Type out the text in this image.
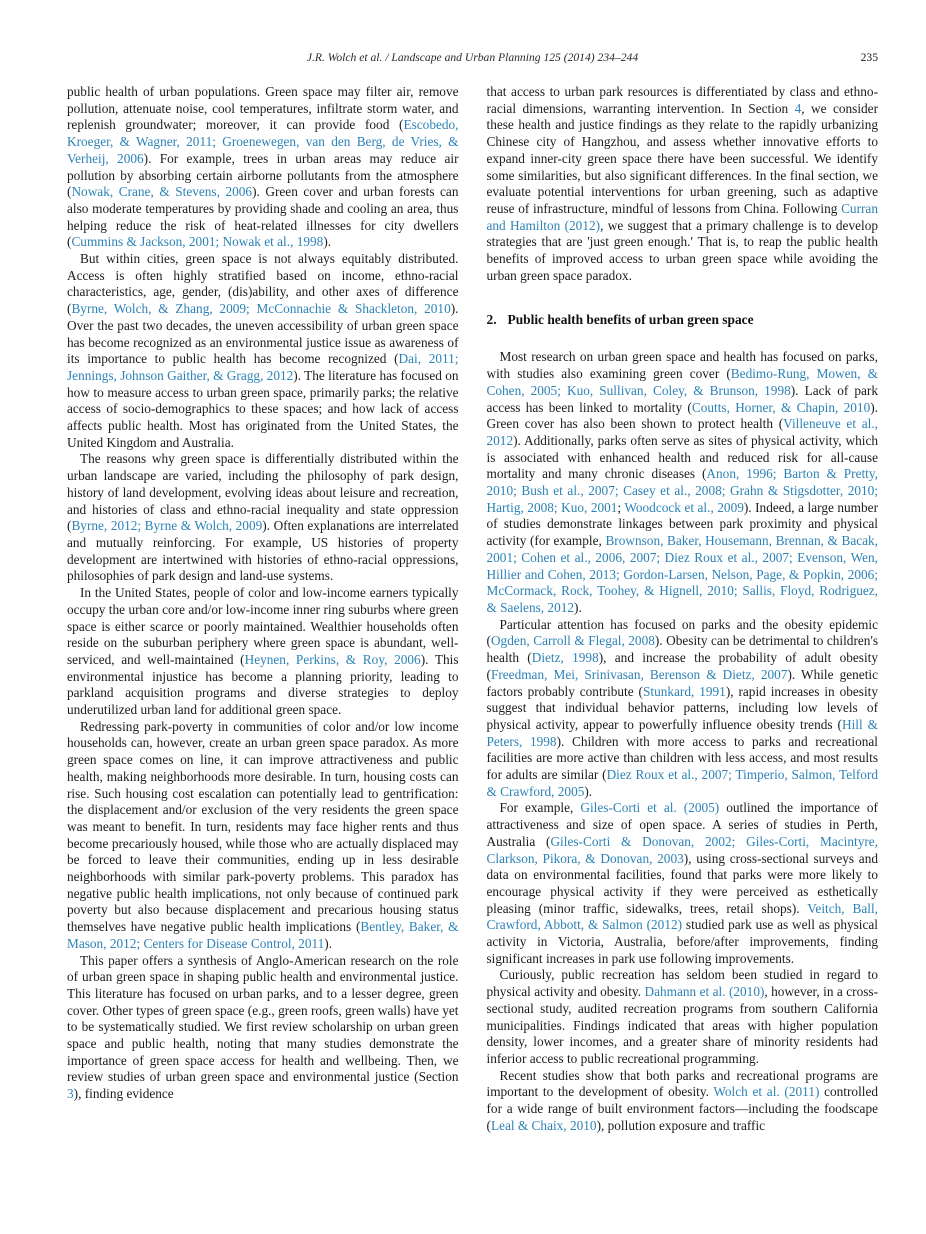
J.R. Wolch et al. / Landscape and Urban Planning 125 (2014) 234–244	235

public health of urban populations. Green space may filter air, remove pollution, attenuate noise, cool temperatures, infiltrate storm water, and replenish groundwater; moreover, it can provide food (Escobedo, Kroeger, & Wagner, 2011; Groenewegen, van den Berg, de Vries, & Verheij, 2006). For example, trees in urban areas may reduce air pollution by absorbing certain airborne pollutants from the atmosphere (Nowak, Crane, & Stevens, 2006). Green cover and urban forests can also moderate temperatures by providing shade and cooling an area, thus helping reduce the risk of heat-related illnesses for city dwellers (Cummins & Jackson, 2001; Nowak et al., 1998).

But within cities, green space is not always equitably distributed. Access is often highly stratified based on income, ethno-racial characteristics, age, gender, (dis)ability, and other axes of difference (Byrne, Wolch, & Zhang, 2009; McConnachie & Shackleton, 2010). Over the past two decades, the uneven accessibility of urban green space has become recognized as an environmental justice issue as awareness of its importance to public health has become recognized (Dai, 2011; Jennings, Johnson Gaither, & Gragg, 2012). The literature has focused on how to measure access to urban green space, primarily parks; the relative access of socio-demographics to these spaces; and how lack of access affects public health. Most has originated from the United States, the United Kingdom and Australia.

The reasons why green space is differentially distributed within the urban landscape are varied, including the philosophy of park design, history of land development, evolving ideas about leisure and recreation, and histories of class and ethno-racial inequality and state oppression (Byrne, 2012; Byrne & Wolch, 2009). Often explanations are interrelated and mutually reinforcing. For example, US histories of property development are intertwined with histories of ethno-racial oppressions, philosophies of park design and land-use systems.

In the United States, people of color and low-income earners typically occupy the urban core and/or low-income inner ring suburbs where green space is either scarce or poorly maintained. Wealthier households often reside on the suburban periphery where green space is abundant, well-serviced, and well-maintained (Heynen, Perkins, & Roy, 2006). This environmental injustice has become a planning priority, leading to parkland acquisition programs and diverse strategies to deploy underutilized urban land for additional green space.

Redressing park-poverty in communities of color and/or low income households can, however, create an urban green space paradox. As more green space comes on line, it can improve attractiveness and public health, making neighborhoods more desirable. In turn, housing costs can rise. Such housing cost escalation can potentially lead to gentrification: the displacement and/or exclusion of the very residents the green space was meant to benefit. In turn, residents may face higher rents and thus become precariously housed, while those who are actually displaced may be forced to leave their communities, ending up in less desirable neighborhoods with similar park-poverty problems. This paradox has negative public health implications, not only because of continued park poverty but also because displacement and precarious housing status themselves have negative public health implications (Bentley, Baker, & Mason, 2012; Centers for Disease Control, 2011).

This paper offers a synthesis of Anglo-American research on the role of urban green space in shaping public health and environmental justice. This literature has focused on urban parks, and to a lesser degree, green cover. Other types of green space (e.g., green roofs, green walls) have yet to be systematically studied. We first review scholarship on urban green space and public health, noting that many studies demonstrate the importance of green space access for health and wellbeing. Then, we review studies of urban green space and environmental justice (Section 3), finding evidence

that access to urban park resources is differentiated by class and ethno-racial dimensions, warranting intervention. In Section 4, we consider these health and justice findings as they relate to the rapidly urbanizing Chinese city of Hangzhou, and assess whether innovative efforts to expand inner-city green space there have been successful. We identify some similarities, but also significant differences. In the final section, we evaluate potential interventions for urban greening, such as adaptive reuse of infrastructure, mindful of lessons from China. Following Curran and Hamilton (2012), we suggest that a primary challenge is to develop strategies that are 'just green enough.' That is, to reap the public health benefits of improved access to urban green space while avoiding the urban green space paradox.

2. Public health benefits of urban green space

Most research on urban green space and health has focused on parks, with studies also examining green cover (Bedimo-Rung, Mowen, & Cohen, 2005; Kuo, Sullivan, Coley, & Brunson, 1998). Lack of park access has been linked to mortality (Coutts, Horner, & Chapin, 2010). Green cover has also been shown to protect health (Villeneuve et al., 2012). Additionally, parks often serve as sites of physical activity, which is associated with enhanced health and reduced risk for all-cause mortality and many chronic diseases (Anon, 1996; Barton & Pretty, 2010; Bush et al., 2007; Casey et al., 2008; Grahn & Stigsdotter, 2010; Hartig, 2008; Kuo, 2001; Woodcock et al., 2009). Indeed, a large number of studies demonstrate linkages between park proximity and physical activity (for example, Brownson, Baker, Housemann, Brennan, & Bacak, 2001; Cohen et al., 2006, 2007; Diez Roux et al., 2007; Evenson, Wen, Hillier and Cohen, 2013; Gordon-Larsen, Nelson, Page, & Popkin, 2006; McCormack, Rock, Toohey, & Hignell, 2010; Sallis, Floyd, Rodriguez, & Saelens, 2012).

Particular attention has focused on parks and the obesity epidemic (Ogden, Carroll & Flegal, 2008). Obesity can be detrimental to children's health (Dietz, 1998), and increase the probability of adult obesity (Freedman, Mei, Srinivasan, Berenson & Dietz, 2007). While genetic factors probably contribute (Stunkard, 1991), rapid increases in obesity suggest that individual behavior patterns, including low levels of physical activity, appear to powerfully influence obesity trends (Hill & Peters, 1998). Children with more access to parks and recreational facilities are more active than children with less access, and most results for adults are similar (Diez Roux et al., 2007; Timperio, Salmon, Telford & Crawford, 2005).

For example, Giles-Corti et al. (2005) outlined the importance of attractiveness and size of open space. A series of studies in Perth, Australia (Giles-Corti & Donovan, 2002; Giles-Corti, Macintyre, Clarkson, Pikora, & Donovan, 2003), using cross-sectional surveys and data on environmental facilities, found that parks were more likely to encourage physical activity if they were perceived as esthetically pleasing (minor traffic, sidewalks, trees, retail shops). Veitch, Ball, Crawford, Abbott, & Salmon (2012) studied park use as well as physical activity in Victoria, Australia, before/after improvements, finding significant increases in park use following improvements.

Curiously, public recreation has seldom been studied in regard to physical activity and obesity. Dahmann et al. (2010), however, in a cross-sectional study, audited recreation programs from southern California municipalities. Findings indicated that areas with higher population density, lower incomes, and a greater share of minority residents had inferior access to public recreational programming.

Recent studies show that both parks and recreational programs are important to the development of obesity. Wolch et al. (2011) controlled for a wide range of built environment factors—including the foodscape (Leal & Chaix, 2010), pollution exposure and traffic
